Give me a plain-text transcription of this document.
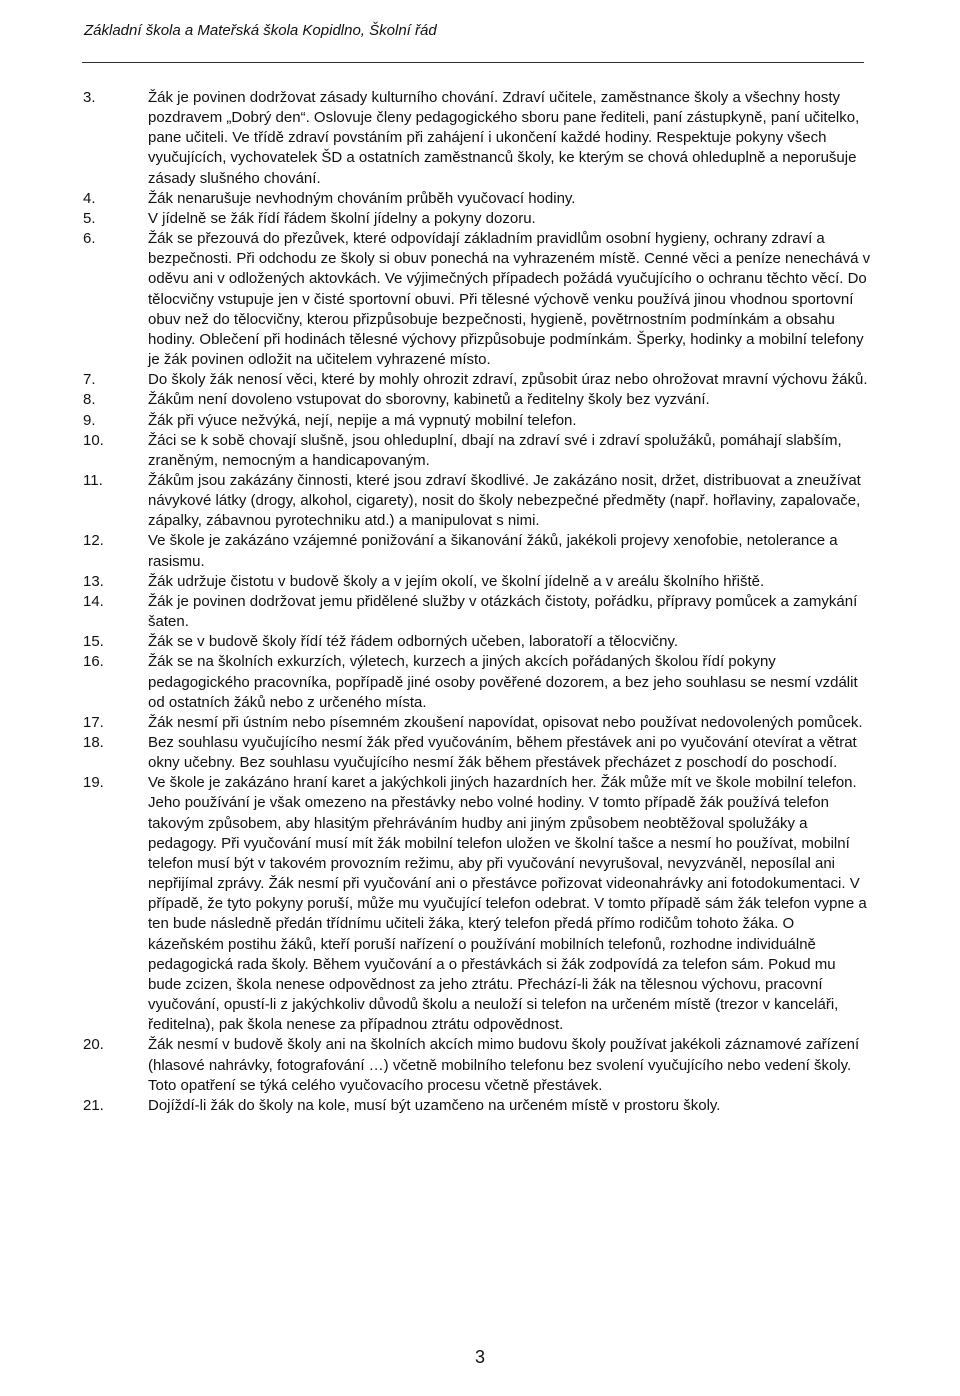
Základní škola a Mateřská škola Kopidlno, Školní řád
3.	Žák je povinen dodržovat zásady kulturního chování. Zdraví učitele, zaměstnance školy a všechny hosty pozdravem „Dobrý den“. Oslovuje členy pedagogického sboru pane řediteli, paní zástupkyně, paní učitelko, pane učiteli. Ve třídě zdraví povstáním při zahájení i ukončení každé hodiny. Respektuje pokyny všech vyučujících, vychovatelek ŠD a ostatních zaměstnanců školy, ke kterým se chová ohleduplně a neporušuje zásady slušného chování.
4.	Žák nenarušuje nevhodným chováním průběh vyučovací hodiny.
5.	V jídelně se žák řídí řádem školní jídelny a pokyny dozoru.
6.	Žák se přezouvá do přezůvek, které odpovídají základním pravidlům osobní hygieny, ochrany zdraví a bezpečnosti. Při odchodu ze školy si obuv ponechá na vyhrazeném místě. Cenné věci a peníze nenechává v oděvu ani v odložených aktovkách. Ve výjimečných případech požádá vyučujícího o ochranu těchto věcí. Do tělocvičny vstupuje jen v čisté sportovní obuvi. Při tělesné výchově venku používá jinou vhodnou sportovní obuv než do tělocvičny, kterou přizpůsobuje bezpečnosti, hygieně, povětrnostním podmínkám a obsahu hodiny. Oblečení při hodinách tělesné výchovy přizpůsobuje podmínkám. Šperky, hodinky a mobilní telefony je žák povinen odložit na učitelem vyhrazené místo.
7.	Do školy žák nenosí věci, které by mohly ohrozit zdraví, způsobit úraz nebo ohrožovat mravní výchovu žáků.
8.	Žákům není dovoleno vstupovat do sborovny, kabinetů a ředitelny školy bez vyzvání.
9.	Žák při výuce nežvýká, nejí, nepije a má vypnutý mobilní telefon.
10.	Žáci se k sobě chovají slušně, jsou ohleduplní, dbají na zdraví své i zdraví spolužáků, pomáhají slabším, zraněným, nemocným a handicapovaným.
11.	Žákům jsou zakázány činnosti, které jsou zdraví škodlivé. Je zakázáno nosit, držet, distribuovat a zneužívat návykové látky (drogy, alkohol, cigarety), nosit do školy nebezpečné předměty (např. hořlaviny, zapalovače, zápalky, zábavnou pyrotechniku atd.) a manipulovat s nimi.
12.	Ve škole je zakázáno vzájemné ponižování a šikanování žáků, jakékoli projevy xenofobie, netolerance a rasismu.
13.	Žák udržuje čistotu v budově školy a v jejím okolí, ve školní jídelně a v areálu školního hřiště.
14.	Žák je povinen dodržovat jemu přidělené služby v otázkách čistoty, pořádku, přípravy pomůcek a zamykání šaten.
15.	Žák se v budově školy řídí též řádem odborných učeben, laboratoří a tělocvičny.
16.	Žák se na školních exkurzích, výletech, kurzech a jiných akcích pořádaných školou řídí pokyny pedagogického pracovníka, popřípadě jiné osoby pověřené dozorem, a bez jeho souhlasu se nesmí vzdálit od ostatních žáků nebo z určeného místa.
17.	Žák nesmí při ústním nebo písemném zkoušení napovídat, opisovat nebo používat nedovolených pomůcek.
18.	Bez souhlasu vyučujícího nesmí žák před vyučováním, během přestávek ani po vyučování otevírat a větrat okny učebny. Bez souhlasu vyučujícího nesmí žák během přestávek přecházet z poschodí do poschodí.
19.	Ve škole je zakázáno hraní karet a jakýchkoli jiných hazardních her. Žák může mít ve škole mobilní telefon. Jeho používání je však omezeno na přestávky nebo volné hodiny. V tomto případě žák používá telefon takovým způsobem, aby hlasitým přehráváním hudby ani jiným způsobem neobtěžoval spolužáky a pedagogy. Při vyučování musí mít žák mobilní telefon uložen ve školní tašce a nesmí ho používat, mobilní telefon musí být v takovém provozním režimu, aby při vyučování nevyrušoval, nevyzváněl, neposílal ani nepřijímal zprávy. Žák nesmí při vyučování ani o přestávce pořizovat videonahrávky ani fotodokumentaci. V případě, že tyto pokyny poruší, může mu vyučující telefon odebrat. V tomto případě sám žák telefon vypne a ten bude následně předán třídnímu učiteli žáka, který telefon předá přímo rodičům tohoto žáka. O kázeňském postihu žáků, kteří poruší nařízení o používání mobilních telefonů, rozhodne individuálně pedagogická rada školy. Během vyučování a o přestávkách si žák zodpovídá za telefon sám. Pokud mu bude zcizen, škola nenese odpovědnost za jeho ztrátu. Přechází-li žák na tělesnou výchovu, pracovní vyučování, opustí-li z jakýchkoliv důvodů školu a neuloží si telefon na určeném místě (trezor v kanceláři, ředitelna), pak škola nenese za případnou ztrátu odpovědnost.
20.	Žák nesmí v budově školy ani na školních akcích mimo budovu školy používat jakékoli záznamové zařízení (hlasové nahrávky, fotografování …) včetně mobilního telefonu bez svolení vyučujícího nebo vedení školy. Toto opatření se týká celého vyučovacího procesu včetně přestávek.
21.	Dojíždí-li žák do školy na kole, musí být uzamčeno na určeném místě v prostoru školy.
3
